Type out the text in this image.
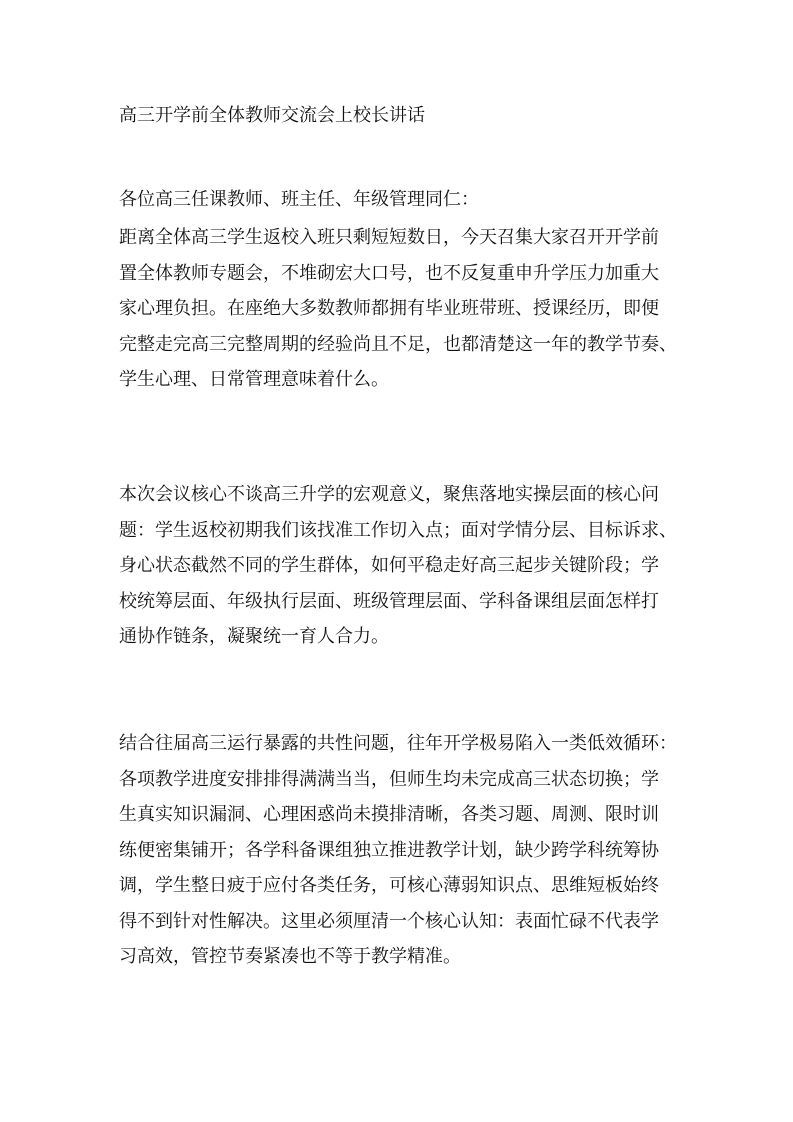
高三开学前全体教师交流会上校长讲话
各位高三任课教师、班主任、年级管理同仁：
距离全体高三学生返校入班只剩短短数日，今天召集大家召开开学前
置全体教师专题会，不堆砌宏大口号，也不反复重申升学压力加重大
家心理负担。在座绝大多数教师都拥有毕业班带班、授课经历，即便
完整走完高三完整周期的经验尚且不足，也都清楚这一年的教学节奏、
学生心理、日常管理意味着什么。
本次会议核心不谈高三升学的宏观意义，聚焦落地实操层面的核心问
题：学生返校初期我们该找准工作切入点；面对学情分层、目标诉求、
身心状态截然不同的学生群体，如何平稳走好高三起步关键阶段；学
校统筹层面、年级执行层面、班级管理层面、学科备课组层面怎样打
通协作链条，凝聚统一育人合力。
结合往届高三运行暴露的共性问题，往年开学极易陷入一类低效循环：
各项教学进度安排排得满满当当，但师生均未完成高三状态切换；学
生真实知识漏洞、心理困惑尚未摸排清晰，各类习题、周测、限时训
练便密集铺开；各学科备课组独立推进教学计划，缺少跨学科统筹协
调，学生整日疲于应付各类任务，可核心薄弱知识点、思维短板始终
得不到针对性解决。这里必须厘清一个核心认知：表面忙碌不代表学
习高效，管控节奏紧凑也不等于教学精准。
